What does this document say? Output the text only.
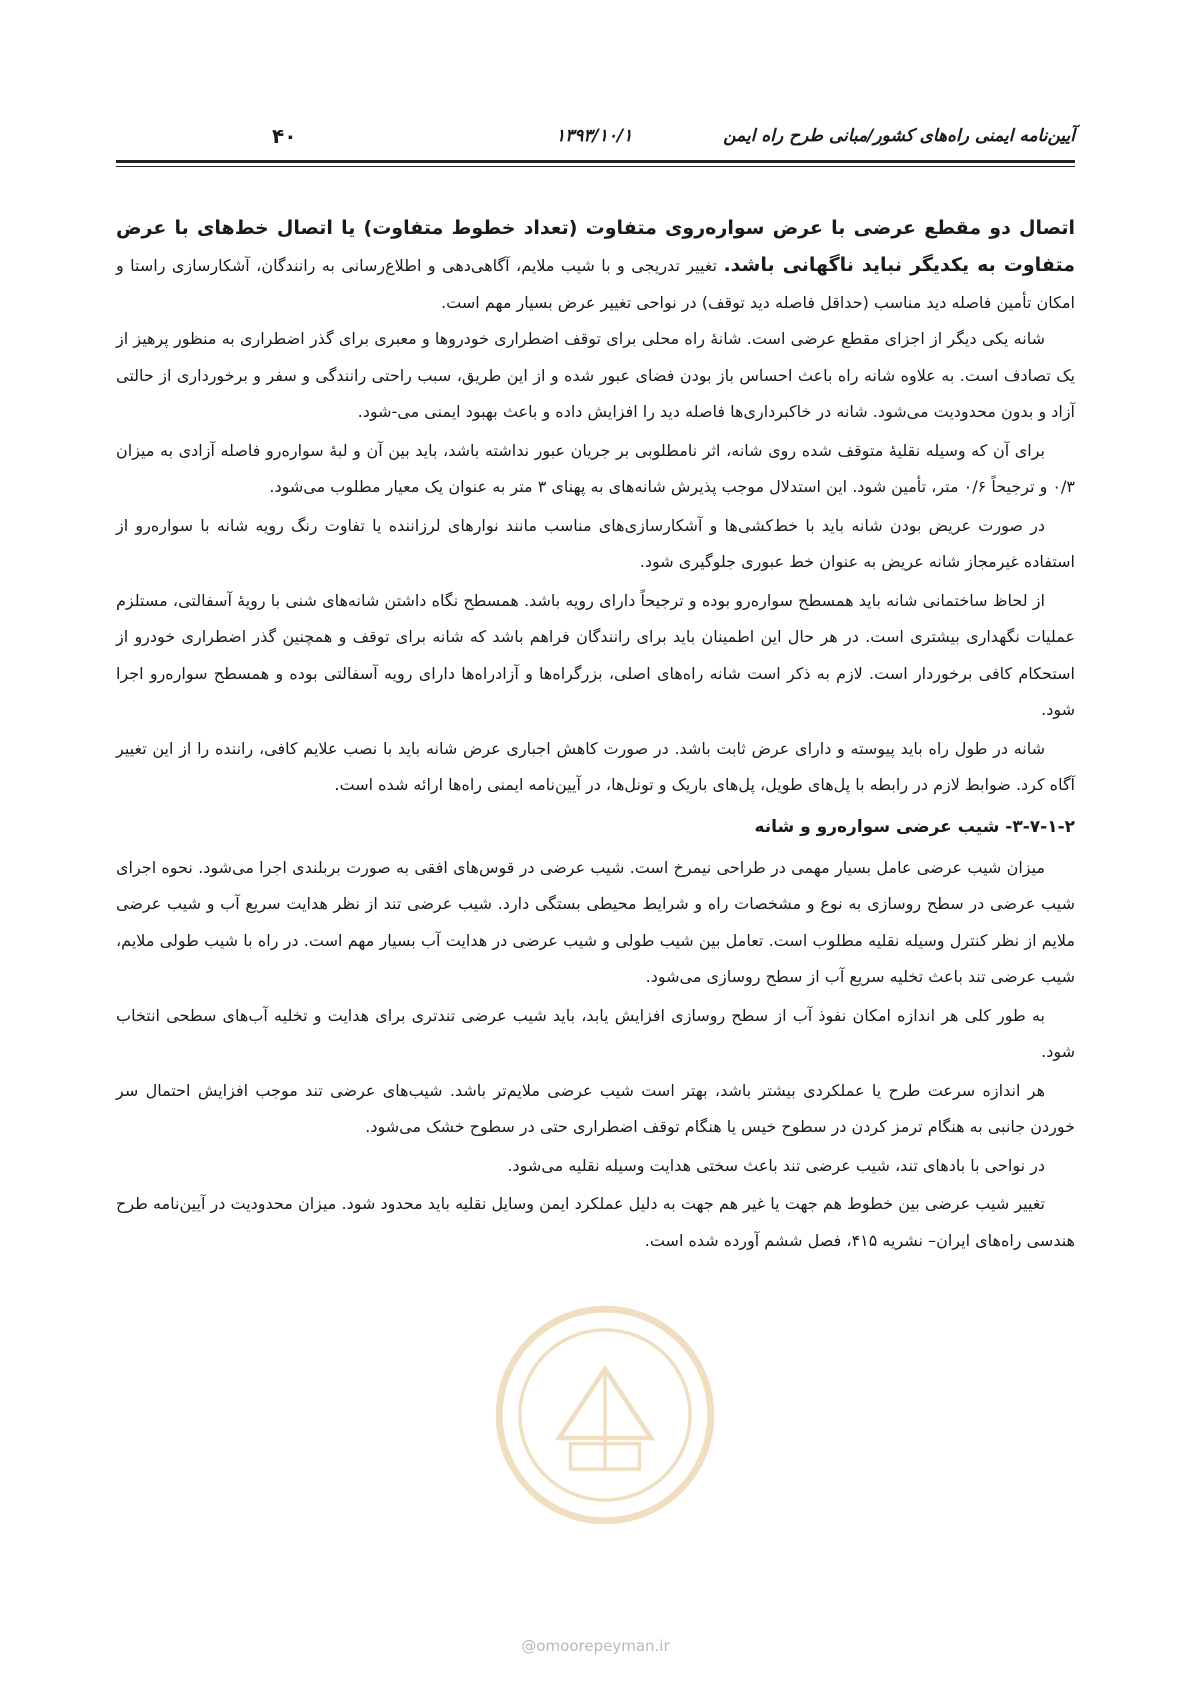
۴۰	۱۳۹۳/۱۰/۱	آیین‌نامه ایمنی راه‌های کشور/مبانی طرح راه ایمن

اتصال دو مقطع عرضی با عرض سواره‌روی متفاوت (تعداد خطوط متفاوت) یا اتصال خط‌های با عرض متفاوت به یکدیگر نباید ناگهانی باشد. تغییر تدریجی و با شیب ملایم، آگاهی‌دهی و اطلاع‌رسانی به رانندگان، آشکارسازی راستا و امکان تأمین فاصله دید مناسب (حداقل فاصله دید توقف) در نواحی تغییر عرض بسیار مهم است.

شانه یکی دیگر از اجزای مقطع عرضی است. شانهٔ راه محلی برای توقف اضطراری خودروها و معبری برای گذر اضطراری به منظور پرهیز از یک تصادف است. به علاوه شانه راه باعث احساس باز بودن فضای عبور شده و از این طریق، سبب راحتی رانندگی و سفر و برخورداری از حالتی آزاد و بدون محدودیت می‌شود. شانه در خاکبرداری‌ها فاصله دید را افزایش داده و باعث بهبود ایمنی می-شود.

برای آن که وسیله نقلیهٔ متوقف شده روی شانه، اثر نامطلوبی بر جریان عبور نداشته باشد، باید بین آن و لبهٔ سواره‌رو فاصله آزادی به میزان ۰/۳ و ترجیحاً ۰/۶ متر، تأمین شود. این استدلال موجب پذیرش شانه‌های به پهنای ۳ متر به عنوان یک معیار مطلوب می‌شود.

در صورت عریض بودن شانه باید با خط‌کشی‌ها و آشکارسازی‌های مناسب مانند نوارهای لرزاننده یا تفاوت رنگ رویه شانه با سواره‌رو از استفاده غیرمجاز شانه عریض به عنوان خط عبوری جلوگیری شود.

از لحاظ ساختمانی شانه باید همسطح سواره‌رو بوده و ترجیحاً دارای رویه باشد. همسطح نگاه داشتن شانه‌های شنی با رویهٔ آسفالتی، مستلزم عملیات نگهداری بیشتری است. در هر حال این اطمینان باید برای رانندگان فراهم باشد که شانه برای توقف و همچنین گذر اضطراری خودرو از استحکام کافی برخوردار است. لازم به ذکر است شانه راه‌های اصلی، بزرگراه‌ها و آزادراه‌ها دارای رویه آسفالتی بوده و همسطح سواره‌رو اجرا شود.

شانه در طول راه باید پیوسته و دارای عرض ثابت باشد. در صورت کاهش اجباری عرض شانه باید با نصب علایم کافی، راننده را از این تغییر آگاه کرد. ضوابط لازم در رابطه با پل‌های طویل، پل‌های باریک و تونل‌ها، در آیین‌نامه ایمنی راه‌ها ارائه شده است.

۳-۷-۱-۲- شیب عرضی سواره‌رو و شانه

میزان شیب عرضی عامل بسیار مهمی در طراحی نیمرخ است. شیب عرضی در قوس‌های افقی به صورت بربلندی اجرا می‌شود. نحوه اجرای شیب عرضی در سطح روسازی به نوع و مشخصات راه و شرایط محیطی بستگی دارد. شیب عرضی تند از نظر هدایت سریع آب و شیب عرضی ملایم از نظر کنترل وسیله نقلیه مطلوب است. تعامل بین شیب طولی و شیب عرضی در هدایت آب بسیار مهم است. در راه با شیب طولی ملایم، شیب عرضی تند باعث تخلیه سریع آب از سطح روسازی می‌شود.

به طور کلی هر اندازه امکان نفوذ آب از سطح روسازی افزایش یابد، باید شیب عرضی تندتری برای هدایت و تخلیه آب‌های سطحی انتخاب شود.

هر اندازه سرعت طرح یا عملکردی بیشتر باشد، بهتر است شیب عرضی ملایم‌تر باشد. شیب‌های عرضی تند موجب افزایش احتمال سر خوردن جانبی به هنگام ترمز کردن در سطوح خیس یا هنگام توقف اضطراری حتی در سطوح خشک می‌شود.

در نواحی با بادهای تند، شیب عرضی تند باعث سختی هدایت وسیله نقلیه می‌شود.

تغییر شیب عرضی بین خطوط هم جهت یا غیر هم جهت به دلیل عملکرد ایمن وسایل نقلیه باید محدود شود. میزان محدودیت در آیین‌نامه طرح هندسی راه‌های ایران– نشریه ۴۱۵، فصل ششم آورده شده است.

@omoorepeyman.ir
